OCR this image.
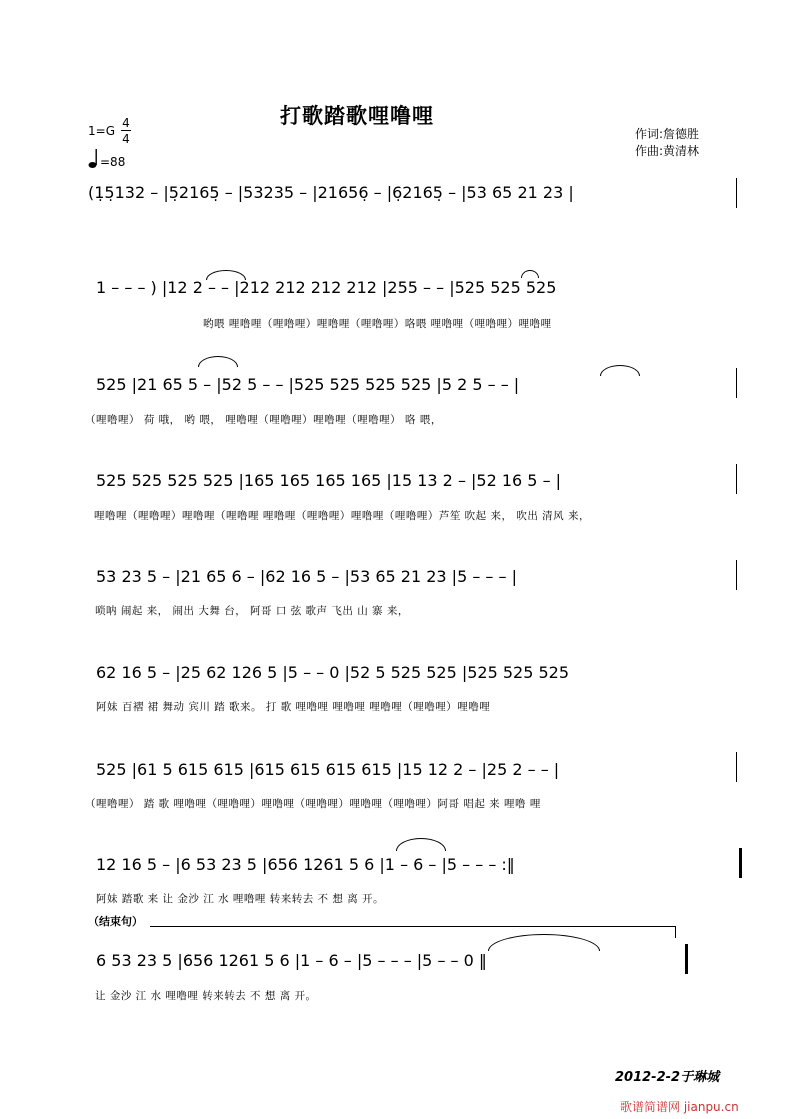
打歌踏歌哩噜哩
1=G
4
4
=88
作词:詹德胜
作曲:黄清林
(1̣5̣132 – |5̣2165̣ – |53235 – |21656̣ – |6̣2165̣ – |53 65 21 23 |
1 – – – ) |12 2 – – |212 212 212 212 |255 – – |525 525 525
哟喂 哩噜哩（哩噜哩）哩噜哩（哩噜哩）咯喂 哩噜哩（哩噜哩）哩噜哩
525 |21 65 5 – |52 5 – – |525 525 525 525 |5 2 5 – – |
（哩噜哩） 荷 哦， 哟 喂， 哩噜哩（哩噜哩）哩噜哩（哩噜哩） 咯 喂，
525 525 525 525 |165 165 165 165 |15 13 2 – |52 16 5 – |
哩噜哩（哩噜哩）哩噜哩（哩噜哩 哩噜哩（哩噜哩）哩噜哩（哩噜哩）芦笙 吹起 来， 吹出 清风 来，
53 23 5 – |21 65 6 – |62 16 5 – |53 65 21 23 |5 – – – |
唢呐 闹起 来， 闹出 大舞 台， 阿哥 口 弦 歌声 飞出 山 寨 来，
62 16 5 – |25 62 126 5 |5 – – 0 |52 5 525 525 |525 525 525
阿妹 百褶 裙 舞动 宾川 踏 歌来。 打 歌 哩噜哩 哩噜哩 哩噜哩（哩噜哩）哩噜哩
525 |61 5 615 615 |615 615 615 615 |15 12 2 – |25 2 – – |
（哩噜哩） 踏 歌 哩噜哩（哩噜哩）哩噜哩（哩噜哩）哩噜哩（哩噜哩）阿哥 唱起 来 哩噜 哩
12 16 5 – |6 53 23 5 |656 1261 5 6 |1 – 6 – |5 – – – :‖
阿妹 踏歌 来 让 金沙 江 水 哩噜哩 转来转去 不 想 离 开。
（结束句）
6 53 23 5 |656 1261 5 6 |1 – 6 – |5 – – – |5 – – 0 ‖
让 金沙 江 水 哩噜哩 转来转去 不 想 离 开。
2012-2-2于琳城
歌谱简谱网 jianpu.cn
